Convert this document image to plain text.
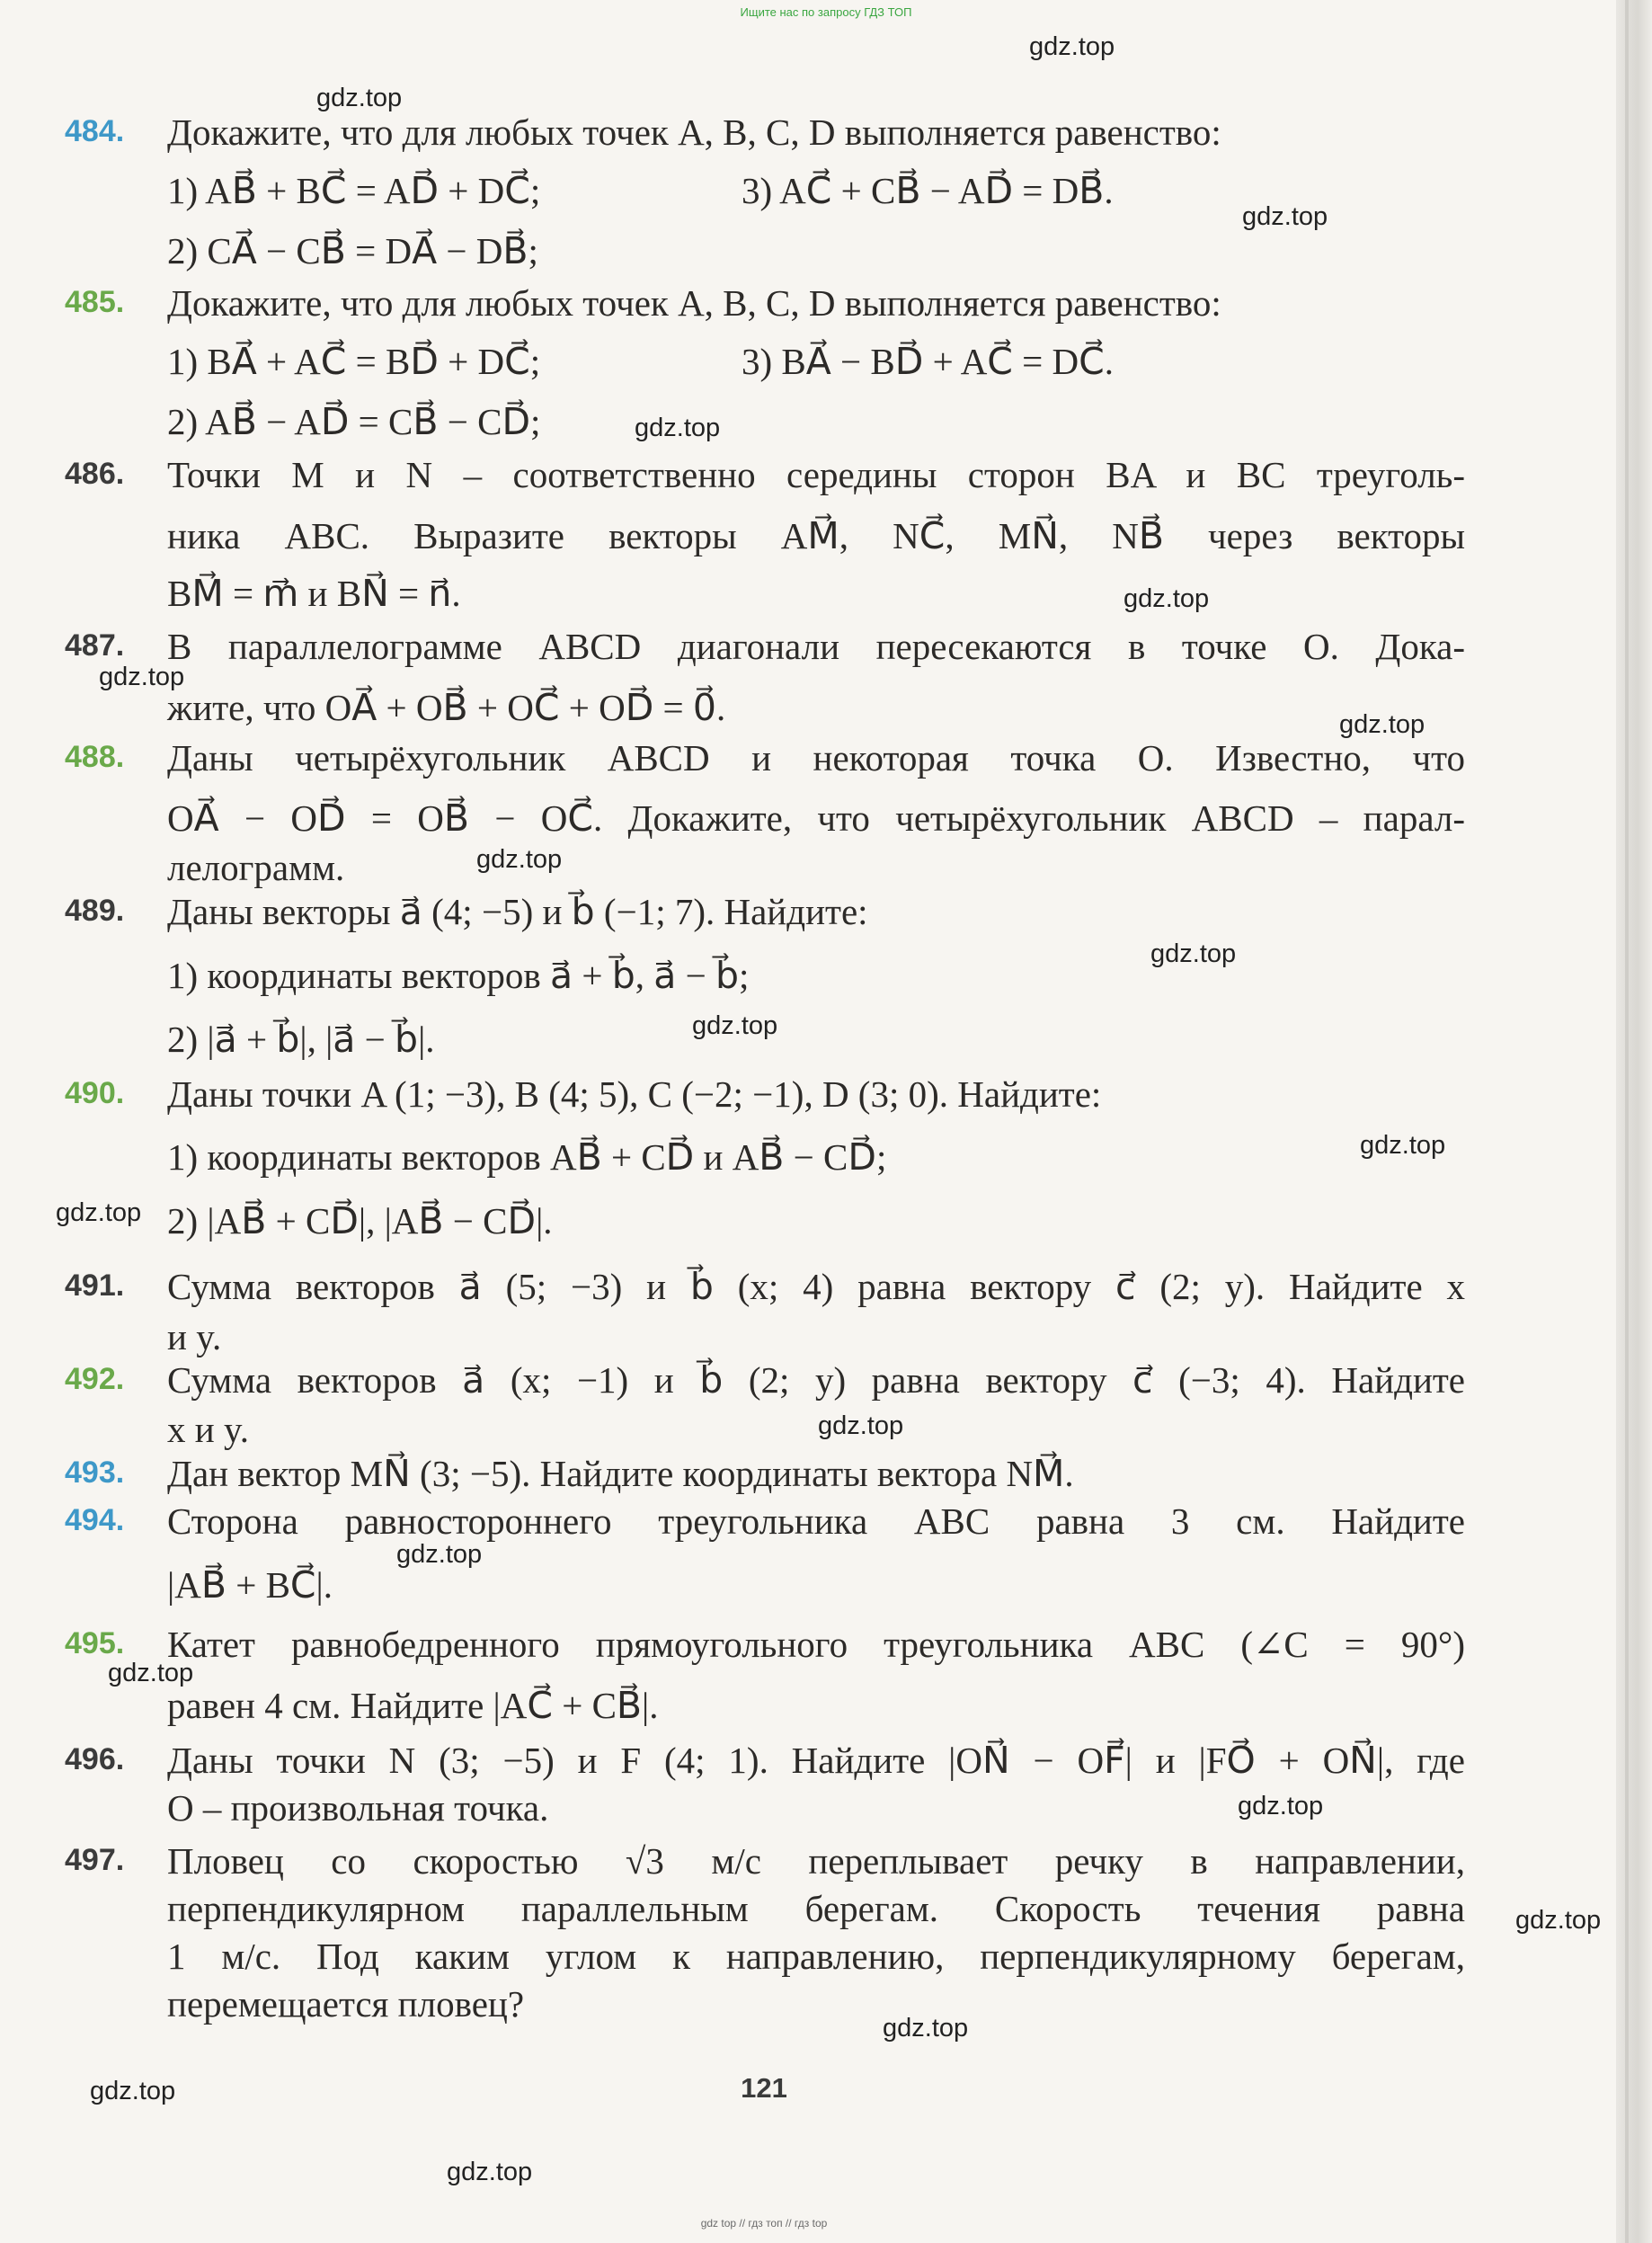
Ищите нас по запросу ГДЗ ТОП
gdz.top
gdz.top
gdz.top
gdz.top
gdz.top
gdz.top
gdz.top
gdz.top
gdz.top
gdz.top
gdz.top
gdz.top
gdz.top
gdz.top
gdz.top
gdz.top
gdz.top
gdz.top
gdz.top
gdz.top
484. Докажите, что для любых точек A, B, C, D выполняется равенство:
1) AB⃗ + BC⃗ = AD⃗ + DC⃗;	3) AC⃗ + CB⃗ − AD⃗ = DB⃗.
2) CA⃗ − CB⃗ = DA⃗ − DB⃗;
485. Докажите, что для любых точек A, B, C, D выполняется равенство:
1) BA⃗ + AC⃗ = BD⃗ + DC⃗;	3) BA⃗ − BD⃗ + AC⃗ = DC⃗.
2) AB⃗ − AD⃗ = CB⃗ − CD⃗;
486. Точки M и N – соответственно середины сторон BA и BC треуголь-
ника ABC. Выразите векторы AM⃗, NC⃗, MN⃗, NB⃗ через векторы
BM⃗ = m⃗ и BN⃗ = n⃗.
487. В параллелограмме ABCD диагонали пересекаются в точке O. Дока-
жите, что OA⃗ + OB⃗ + OC⃗ + OD⃗ = 0⃗.
488. Даны четырёхугольник ABCD и некоторая точка O. Известно, что
OA⃗ − OD⃗ = OB⃗ − OC⃗. Докажите, что четырёхугольник ABCD – парал-
лелограмм.
489. Даны векторы a⃗ (4; −5) и b⃗ (−1; 7). Найдите:
1) координаты векторов a⃗ + b⃗, a⃗ − b⃗;
2) |a⃗ + b⃗|, |a⃗ − b⃗|.
490. Даны точки A (1; −3), B (4; 5), C (−2; −1), D (3; 0). Найдите:
1) координаты векторов AB⃗ + CD⃗ и AB⃗ − CD⃗;
2) |AB⃗ + CD⃗|, |AB⃗ − CD⃗|.
491. Сумма векторов a⃗ (5; −3) и b⃗ (x; 4) равна вектору c⃗ (2; y). Найдите x
и y.
492. Сумма векторов a⃗ (x; −1) и b⃗ (2; y) равна вектору c⃗ (−3; 4). Найдите
x и y.
493. Дан вектор MN⃗ (3; −5). Найдите координаты вектора NM⃗.
494. Сторона равностороннего треугольника ABC равна 3 см. Найдите
|AB⃗ + BC⃗|.
495. Катет равнобедренного прямоугольного треугольника ABC (∠C = 90°)
равен 4 см. Найдите |AC⃗ + CB⃗|.
496. Даны точки N (3; −5) и F (4; 1). Найдите |ON⃗ − OF⃗| и |FO⃗ + ON⃗|, где
O – произвольная точка.
497. Пловец со скоростью √3 м/с переплывает речку в направлении,
перпендикулярном параллельным берегам. Скорость течения равна
1 м/с. Под каким углом к направлению, перпендикулярному берегам,
перемещается пловец?
121
gdz top // гдз топ // гдз top
